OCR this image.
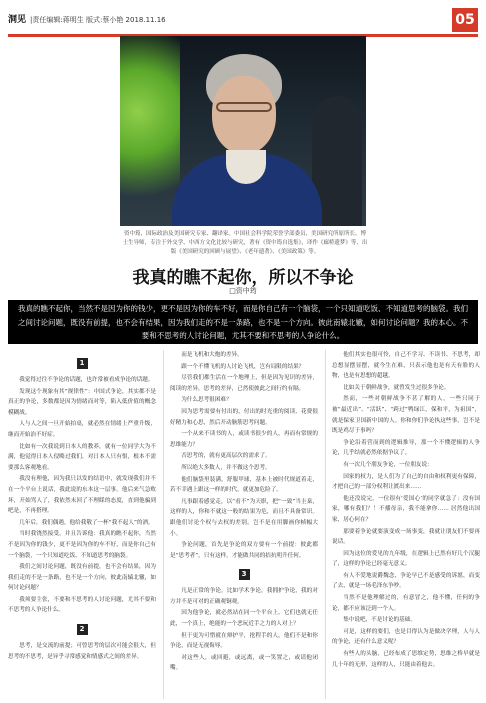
洞见 |责任编辑:蒋明生 版式:蔡小艳 2018.11.16	05
资中筠，国际政治及美国研究专家、翻译家。中国社会科学院荣誉学部委员、美国研究所原所长、博士生导师，专注于外交学、中西方文化比较与研究，著有《资中筠自选集》，译作《廊桥遗梦》等，出版《美国研究的回顾与展望》、《老年遗著》、《美国政策》等。
我真的瞧不起你，所以不争论
□资中筠
我真的瞧不起你，当然不是因为你的钱少，更不是因为你的车不好，而是你自己有一个脑袋，一个只知道吃饭、不知道思考的脑袋。我们之间讨论问题，既没有前提，也不会有结果，因为我们走的不是一条路，也不是一个方向。彼此南辕北辙，如何讨论问题？我的本心。不要和不思考的人讨论问题，尤其不要和不思考的人争论什么。
1

我觉得过往不争论的话题，也许常被看成争论的话题。

发现这个现象有其“规律性”：中国式争论，其实都不是真正的争论，多数都是因为情绪而对等，陷入低价值的概念模糊战。

人与人之间一旦开始拍桌，就必然在情绪上严重升级，继而开始治不好症。

比如有一次我说到日本人的教养，就有一位同学大为不满，他觉得日本人侵略过我们，对日本人只有恨，根本不需要那么客观地看。

我没有理他，因为我只以发的结语中，就发现我们并不在一个平台上说话，我此说的东本这一层事。他后来气急败坏，开始骂人了，我依然未回了不理睬的态度，直到他骗到吧是，不再搭理。

几年后，我们偶遇，他给我敬了一杯“我不起人”的酒。

当时我饶然接受，并且告诉他：我真的瞧不起你，当然不是因为你的钱少，更不是因为你的车不好，而是你自己有一个脑袋，一个只知道吃饭、不知道思考的脑袋。

我们之间讨论问题，既没有前提，也不会有结果，因为我们走的不是一条路，也不是一个方向，彼此南辕北辙，如何讨论问题？

我须要主张，不要和不思考的人讨论问题，尤其不要和不思考的人争论什么。

2

思考，是交流的前提；可曾思考的层次可能会很大，但思考的不思考，是异乎寻常感觉和情感式之间的差异。

而是飞机和大炮的差异。

跟一个不懂飞机的人讨论飞机，岂有局限的结果？

尽管我们都生活在一个地理上，但是因为见识的差异，阅读的差异，思考的差异，已然使彼此之间行约有隔。

为什么思考很困难？

因为思考需要有付出的，付出的时光重的阅读、花费很好精力和心思，然后开动脑筋思考问题。

一个从来不读书的人，或读书很少的人，再而有常规的思维能力？

否思考的，就有更高层次的需求了。

所以绝大多数人，并不做这个思考。

他们脑袋里装满，舒服甲球，基本上被时代规道着走，若不幸遇上跟这一样的时代，就更加危险了。

凡事跟着感觉走，以“看不”为天职，把“一致”当圭臬，这样的人，你和不就这一般的结果为危，而且不具备常识。跟他们讨论个权与去权的差别，岂不是在用脚画你帧幅大小。

争论问题，首先是争论的双方要有一个前提：彼此都是“思考者”，只有这样，才能做共同的拮抗明升任何。

3

凡是正常的争论，比如学术争论，我拥护争论，我的对方并不是可对的正确观铜观。

因为他争论，就必然站在同一个平台上。它们也就无任此，一个真上，绝能的一个恶玩近手之力的人对上？

但于更为可惜就在辩护平，抢程手的人，他们不是和你争论，而是无视侮辱。

对这些人，或回避，或远离，或一笑置之，或请他闭嘴。

他们其实也很可怜，自己不学习、不读书、不思考，却总想显摆显摆，就今生在难，只表示他也是有天有脸的人物，也是有思想的超越。

比如关于朝鲜战争，就曾发生过很多争论。

然而，一些对朝鲜战争不甚了解的人，一些只同于被“最近出”、“活跃”、“跨过”鸭绿江，保和平，为祖国”，就是保家卫国新中国的人。你和你们争论执这些事，岂不是既是鸡尽于事吗？

争论沿着营而到的逻辑推导，那一个不懂逻辑的人争论，几乎结就必然依据争议了。

有一次几个朋友争论，一位朋友说：

国家的权力，是人们为了自己的自由和权利更有保障，才把自己的一部分权利让渡出来……

他还没说完，一位很有‘爱国心’的同学就急了：没有国家，哪有我们？！不播母亲，我不能拿你…… 居然他出国家，居心何在？

那要着争论就要演变成一场事变，我就让朋友们不要再说话。

因为这位的爱见的九年级，在逻辑上已然有好几个汉腿了，这样的争论已经毫无意义。

有人不爱地说爵魏念，争论早已不是感受的诉愿，而变了去，就是一场毛泽东争吵。

当然不是他理解过的，有意冒之，他不懂，任何的争论，都不应该泛到一个人。

集中说吧，不是讨论的基础。

可是，这样的要们，也是目得认为是做决学理，人与人的争论，还有什么意义呢？

有些人的头脑，已经布成了思维定势，思维之桥早就是几十年的无形，这样的人，只能由着他去。
